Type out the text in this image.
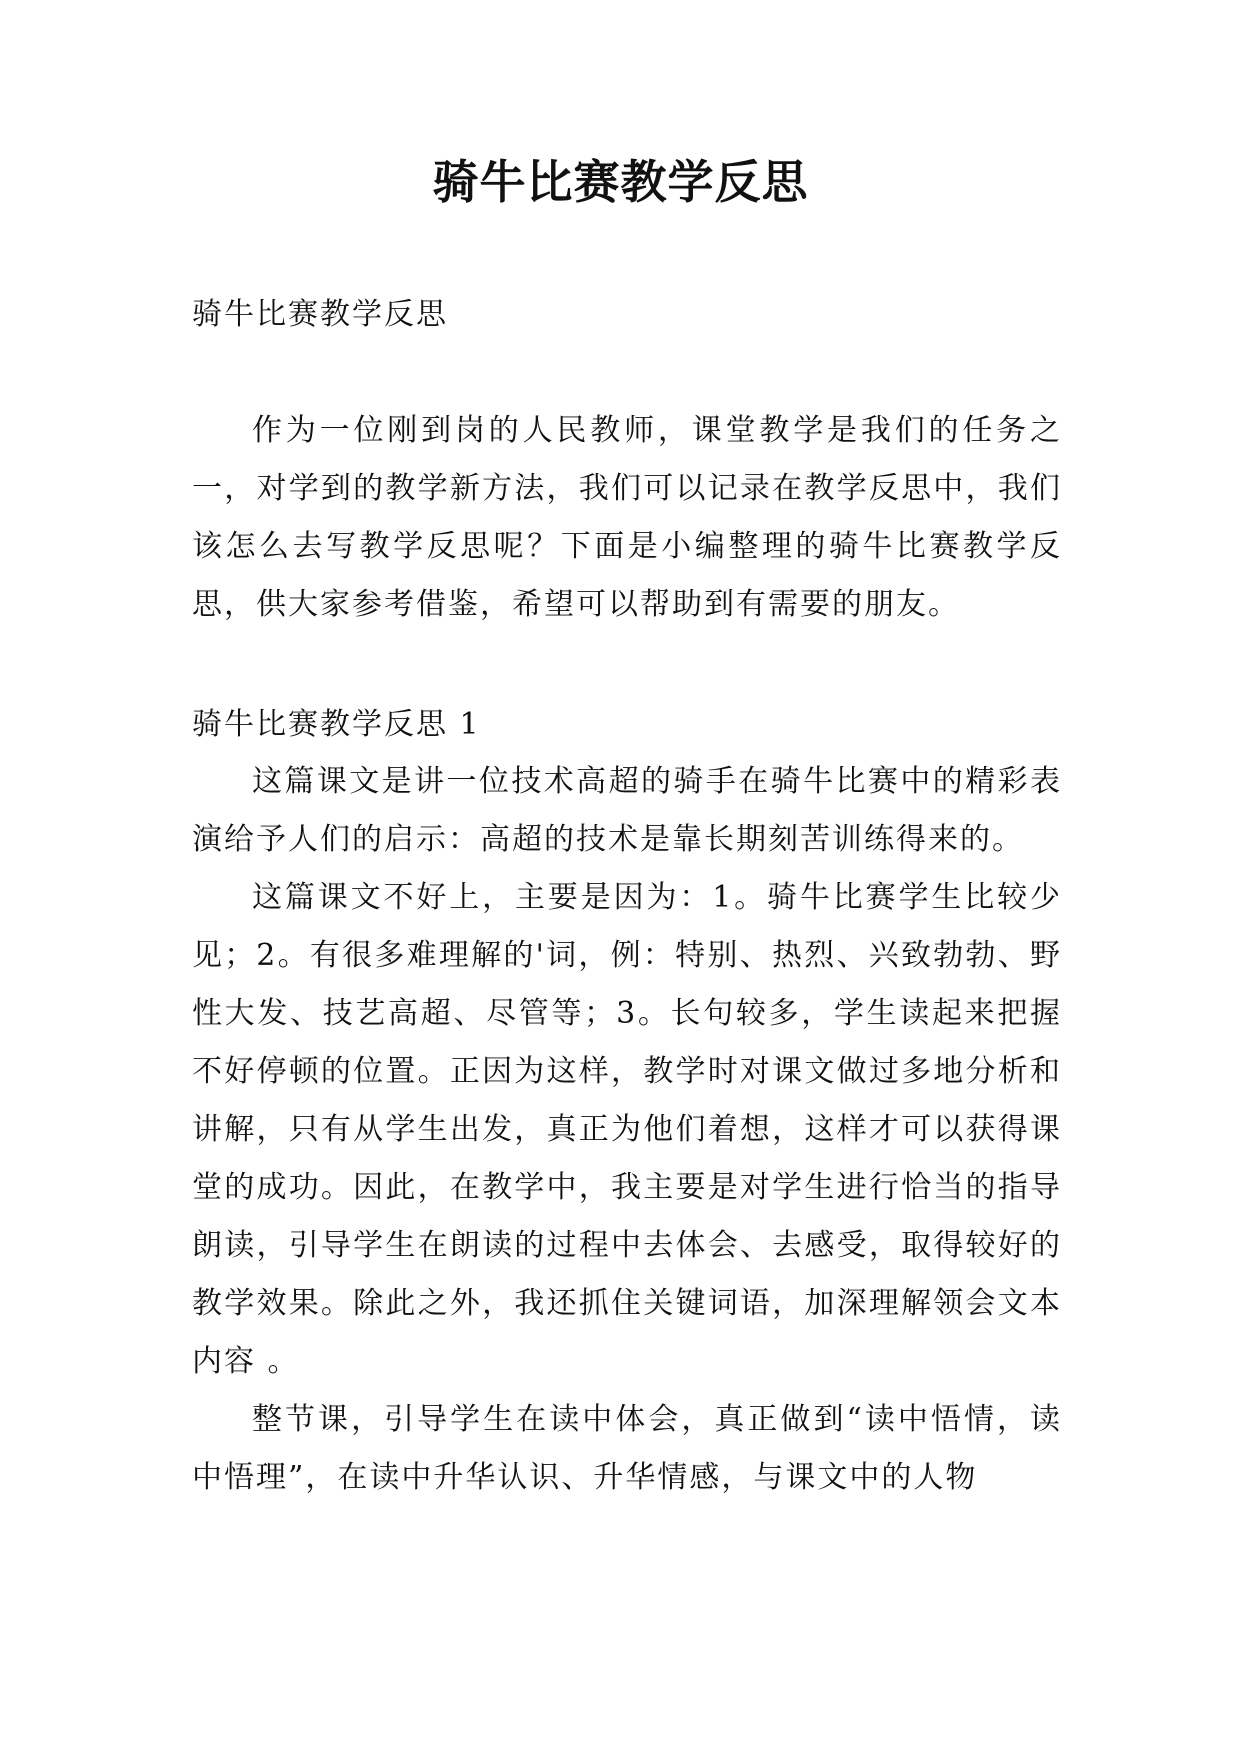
骑牛比赛教学反思

骑牛比赛教学反思

作为一位刚到岗的人民教师，课堂教学是我们的任务之一，对学到的教学新方法，我们可以记录在教学反思中，我们该怎么去写教学反思呢？下面是小编整理的骑牛比赛教学反思，供大家参考借鉴，希望可以帮助到有需要的朋友。

骑牛比赛教学反思 1

这篇课文是讲一位技术高超的骑手在骑牛比赛中的精彩表演给予人们的启示：高超的技术是靠长期刻苦训练得来的。

这篇课文不好上，主要是因为：1。骑牛比赛学生比较少见；2。有很多难理解的'词，例：特别、热烈、兴致勃勃、野性大发、技艺高超、尽管等；3。长句较多，学生读起来把握不好停顿的位置。正因为这样，教学时对课文做过多地分析和讲解，只有从学生出发，真正为他们着想，这样才可以获得课堂的成功。因此，在教学中，我主要是对学生进行恰当的指导朗读，引导学生在朗读的过程中去体会、去感受，取得较好的教学效果。除此之外，我还抓住关键词语，加深理解领会文本内容 。

整节课，引导学生在读中体会，真正做到“读中悟情，读中悟理”，在读中升华认识、升华情感，与课文中的人物
